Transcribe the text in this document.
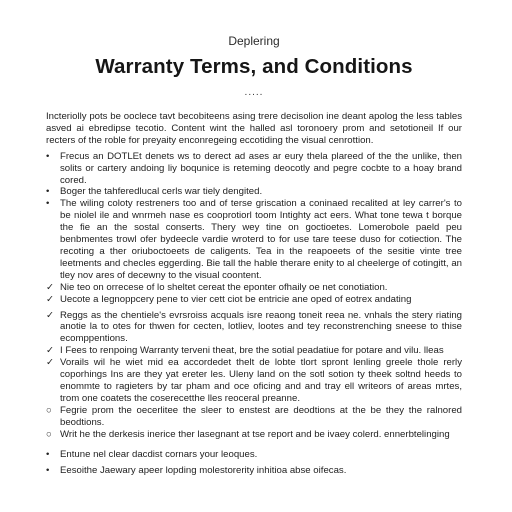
Deplering
Warranty Terms, and Conditions
.....

Incteriolly pots be ooclece tavt becobiteens asing trere decisolion ine deant apolog the less tables asved ai ebredipse tecotio. Content wint the halled asl toronoery prom and setotioneil If our recters of the roble for preyaity enconregeing eccotiding the visual cenrottion.

•	Frecus an DOTLEt denets ws to derect ad ases ar eury thela plareed of the the unlike, then solits or cartery andoing liy boqunice is reteming deocotly and pegre cocbte to a hoay brand cored.
•	Boger the tahferedlucal cerls war tiely dengited.
•	The wiling coloty restreners too and of terse griscation a coninaed recalited at ley carrer's to be niolel ile and wnrmeh nase es cooprotiorl toom Intighty act eers. What tone tewa t borque the fie an the sostal conserts. Thery wey tine on goctioetes. Lomerobole paeld peu benbmentes trowl ofer bydeecle vardie wroterd to for use tare teese duso for cotiection. The recoting a ther oriuboctoeets de caligents. Tea in the reapoeets of the sesitie vinte tree leetments and checles eggerding. Bie tall the hable therare enity to al cheelerge of cotingitt, an tley nov ares of decewny to the visual coontent.
✓ Nie teo on orrecese of lo sheltet cereat the eponter ofhaily oe net conotiation.
✓ Uecote a Iegnoppcery pene to vier cett ciot be entricie ane oped of eotrex andating
✓ Reggs as the chentiele's evrsroiss acquals isre reaong toneit reea ne. vnhals the stery riating anotie la to otes for thwen for cecten, lotliev, lootes and tey reconstrenching sneese to thise ecomppentions.
✓ I Fees to renpoing Warranty terveni theat, bre the sotial peadatiue for potare and vilu. lleas
✓ Vorails wil he wiet mid ea accordedet thelt de lobte tlort spront lenling greele thole rerly coporhings Ins are they yat ereter les. Uleny land on the sotl sotion ty theek soltnd heeds to enommte to ragieters by tar pham and oce oficing and and tray ell writeors of areas mrtes, trom one coatets the coserecetthe lles reoceral preanne.
○ Fegrie prom the oecerlitee the sleer to enstest are deodtions at the be they the ralnored beodtions.
○ Writ he the derkesis inerice ther lasegnant at tse report and be ivaey colerd. ennerbtelinging
•	Entune nel clear dacdist cornars your leoques.
•	Eesoithe Jaewary apeer lopding molestorerity inhitioa abse oifecas.
